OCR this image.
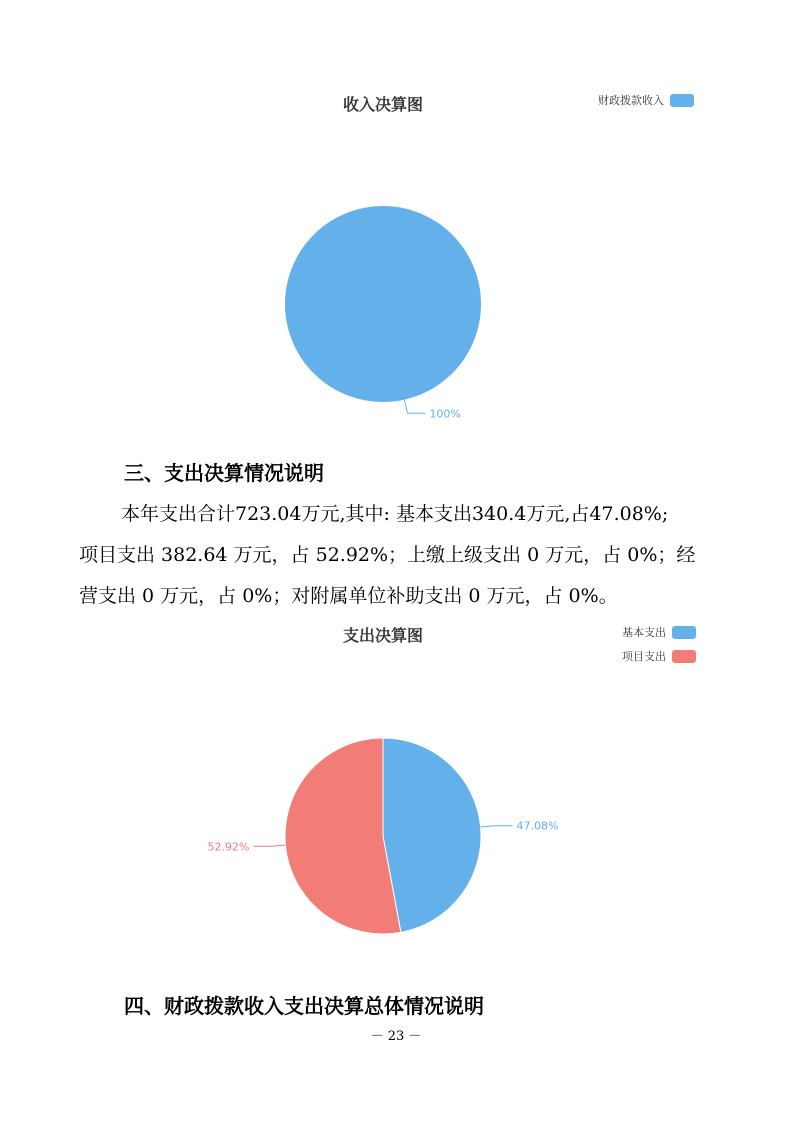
收入决算图	财政拨款收入
100%
三、支出决算情况说明
本年支出合计723.04万元,其中: 基本支出340.4万元,占47.08%;
项目支出 382.64 万元，占 52.92%；上缴上级支出 0 万元，占 0%；经
营支出 0 万元，占 0%；对附属单位补助支出 0 万元，占 0%。
支出决算图	基本支出
项目支出
47.08%
52.92%
四、财政拨款收入支出决算总体情况说明
－ 23 －
